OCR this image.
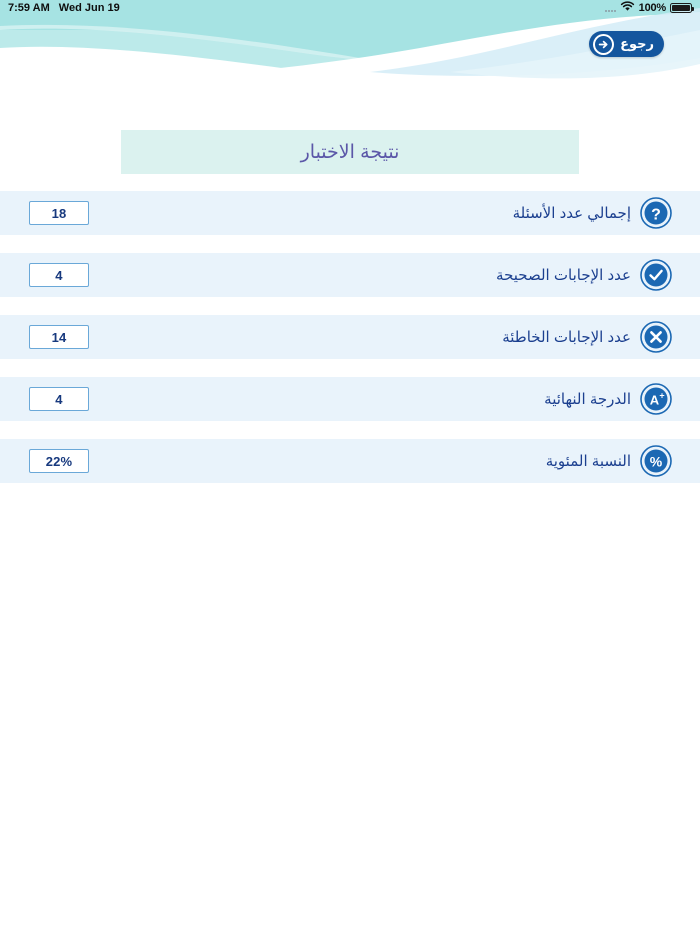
7:59 AM Wed Jun 19	100%
رجوع
نتيجة الاختبار
?
إجمالي عدد الأسئلة
18
عدد الإجابات الصحيحة
4
عدد الإجابات الخاطئة
14
A +
الدرجة النهائية
4
%
النسبة المئوية
22%
